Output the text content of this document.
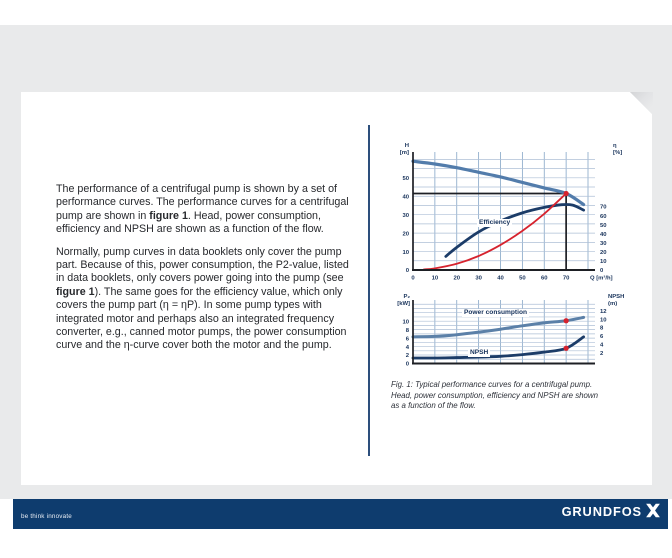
The performance of a centrifugal pump is shown by a set of performance curves. The performance curves for a centrifugal pump are shown in figure 1. Head, power consumption, efficiency and NPSH are shown as a function of the flow.

Normally, pump curves in data booklets only cover the pump part. Because of this, power consumption, the P2-value, listed in data booklets, only covers power going into the pump (see figure 1). The same goes for the efficiency value, which only covers the pump part (η = ηP). In some pump types with integrated motor and perhaps also an integrated frequency converter, e.g., canned motor pumps, the power consumption curve and the η-curve cover both the motor and the pump.

0
10
20
30
40
50
0
10
20
30
40
50
60
70
0	10	20	30	40	50	60	70	Q [m³/h]
H
[m]
η
[%]
Efficiency
0
2
4
6
8
10
2
4
6
8
10
12
P₂
[kW]
NPSH
(m)
Power consumption
NPSH
Fig. 1: Typical performance curves for a centrifugal pump.
Head, power consumption, efficiency and NPSH are shown
as a function of the flow.
be think innovate	GRUNDFOS
